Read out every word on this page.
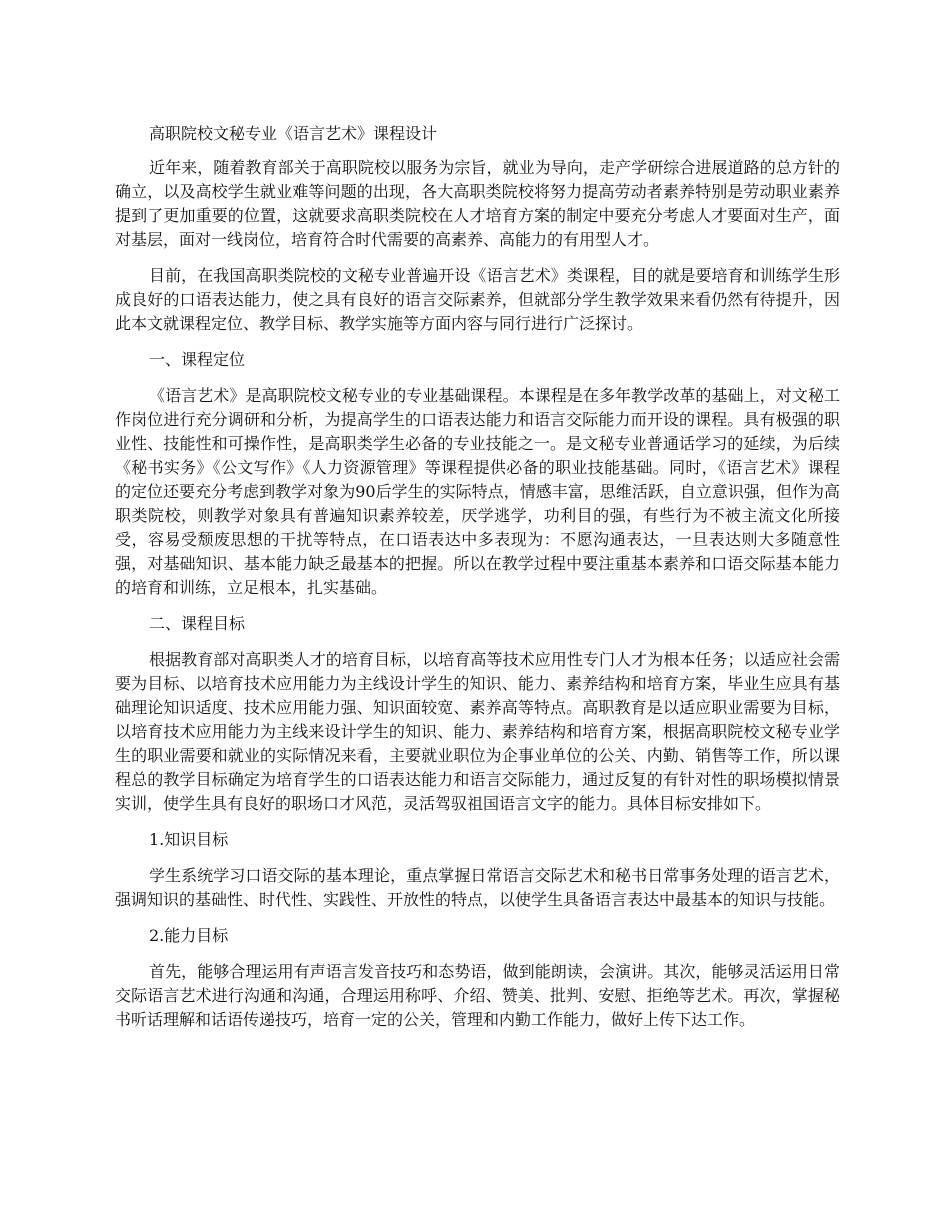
高职院校文秘专业《语言艺术》课程设计

近年来，随着教育部关于高职院校以服务为宗旨，就业为导向，走产学研综合进展道路的总方针的确立，以及高校学生就业难等问题的出现，各大高职类院校将努力提高劳动者素养特别是劳动职业素养提到了更加重要的位置，这就要求高职类院校在人才培育方案的制定中要充分考虑人才要面对生产，面对基层，面对一线岗位，培育符合时代需要的高素养、高能力的有用型人才。

目前，在我国高职类院校的文秘专业普遍开设《语言艺术》类课程，目的就是要培育和训练学生形成良好的口语表达能力，使之具有良好的语言交际素养，但就部分学生教学效果来看仍然有待提升，因此本文就课程定位、教学目标、教学实施等方面内容与同行进行广泛探讨。

一、课程定位

《语言艺术》是高职院校文秘专业的专业基础课程。本课程是在多年教学改革的基础上，对文秘工作岗位进行充分调研和分析，为提高学生的口语表达能力和语言交际能力而开设的课程。具有极强的职业性、技能性和可操作性，是高职类学生必备的专业技能之一。是文秘专业普通话学习的延续，为后续《秘书实务》《公文写作》《人力资源管理》等课程提供必备的职业技能基础。同时，《语言艺术》课程的定位还要充分考虑到教学对象为90后学生的实际特点，情感丰富，思维活跃，自立意识强，但作为高职类院校，则教学对象具有普遍知识素养较差，厌学逃学，功利目的强，有些行为不被主流文化所接受，容易受颓废思想的干扰等特点，在口语表达中多表现为：不愿沟通表达，一旦表达则大多随意性强，对基础知识、基本能力缺乏最基本的把握。所以在教学过程中要注重基本素养和口语交际基本能力的培育和训练，立足根本，扎实基础。

二、课程目标

根据教育部对高职类人才的培育目标，以培育高等技术应用性专门人才为根本任务；以适应社会需要为目标、以培育技术应用能力为主线设计学生的知识、能力、素养结构和培育方案，毕业生应具有基础理论知识适度、技术应用能力强、知识面较宽、素养高等特点。高职教育是以适应职业需要为目标，以培育技术应用能力为主线来设计学生的知识、能力、素养结构和培育方案，根据高职院校文秘专业学生的职业需要和就业的实际情况来看，主要就业职位为企事业单位的公关、内勤、销售等工作，所以课程总的教学目标确定为培育学生的口语表达能力和语言交际能力，通过反复的有针对性的职场模拟情景实训，使学生具有良好的职场口才风范，灵活驾驭祖国语言文字的能力。具体目标安排如下。

1.知识目标

学生系统学习口语交际的基本理论，重点掌握日常语言交际艺术和秘书日常事务处理的语言艺术，强调知识的基础性、时代性、实践性、开放性的特点，以使学生具备语言表达中最基本的知识与技能。

2.能力目标

首先，能够合理运用有声语言发音技巧和态势语，做到能朗读，会演讲。其次，能够灵活运用日常交际语言艺术进行沟通和沟通，合理运用称呼、介绍、赞美、批判、安慰、拒绝等艺术。再次，掌握秘书听话理解和话语传递技巧，培育一定的公关，管理和内勤工作能力，做好上传下达工作。
